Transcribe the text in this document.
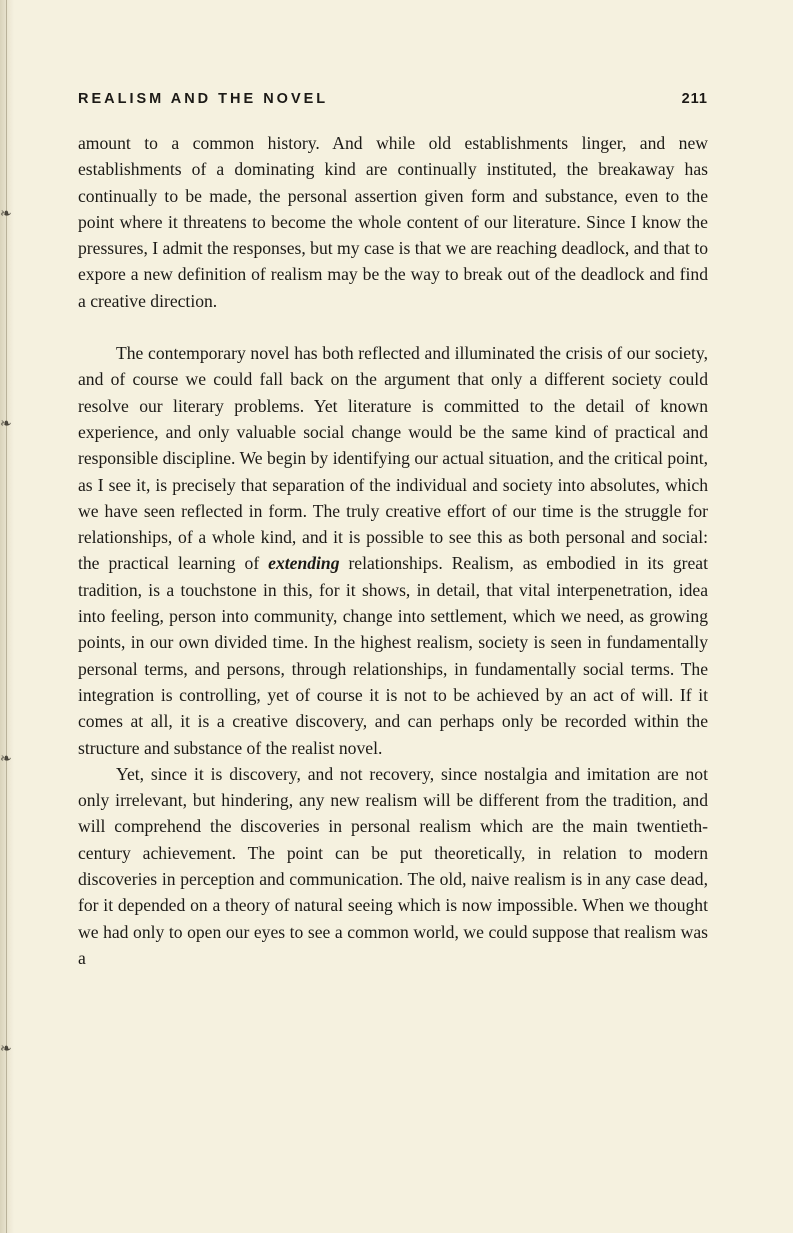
❧
❧
❧
❧
REALISM AND THE NOVEL	211

amount to a common history. And while old establishments linger, and new establishments of a dominating kind are continually instituted, the breakaway has continually to be made, the personal assertion given form and substance, even to the point where it threatens to become the whole content of our literature. Since I know the pressures, I admit the responses, but my case is that we are reaching deadlock, and that to expore a new definition of realism may be the way to break out of the deadlock and find a creative direction.

The contemporary novel has both reflected and illuminated the crisis of our society, and of course we could fall back on the argument that only a different society could resolve our literary problems. Yet literature is committed to the detail of known experience, and only valuable social change would be the same kind of practical and responsible discipline. We begin by identifying our actual situation, and the critical point, as I see it, is precisely that separation of the individual and society into absolutes, which we have seen reflected in form. The truly creative effort of our time is the struggle for relationships, of a whole kind, and it is possible to see this as both personal and social: the practical learning of extending relationships. Realism, as embodied in its great tradition, is a touchstone in this, for it shows, in detail, that vital interpenetration, idea into feeling, person into community, change into settlement, which we need, as growing points, in our own divided time. In the highest realism, society is seen in fundamentally personal terms, and persons, through relationships, in fundamentally social terms. The integration is controlling, yet of course it is not to be achieved by an act of will. If it comes at all, it is a creative discovery, and can perhaps only be recorded within the structure and substance of the realist novel.

Yet, since it is discovery, and not recovery, since nostalgia and imitation are not only irrelevant, but hindering, any new realism will be different from the tradition, and will comprehend the discoveries in personal realism which are the main twentieth-century achievement. The point can be put theoretically, in relation to modern discoveries in perception and communication. The old, naive realism is in any case dead, for it depended on a theory of natural seeing which is now impossible. When we thought we had only to open our eyes to see a common world, we could suppose that realism was a
